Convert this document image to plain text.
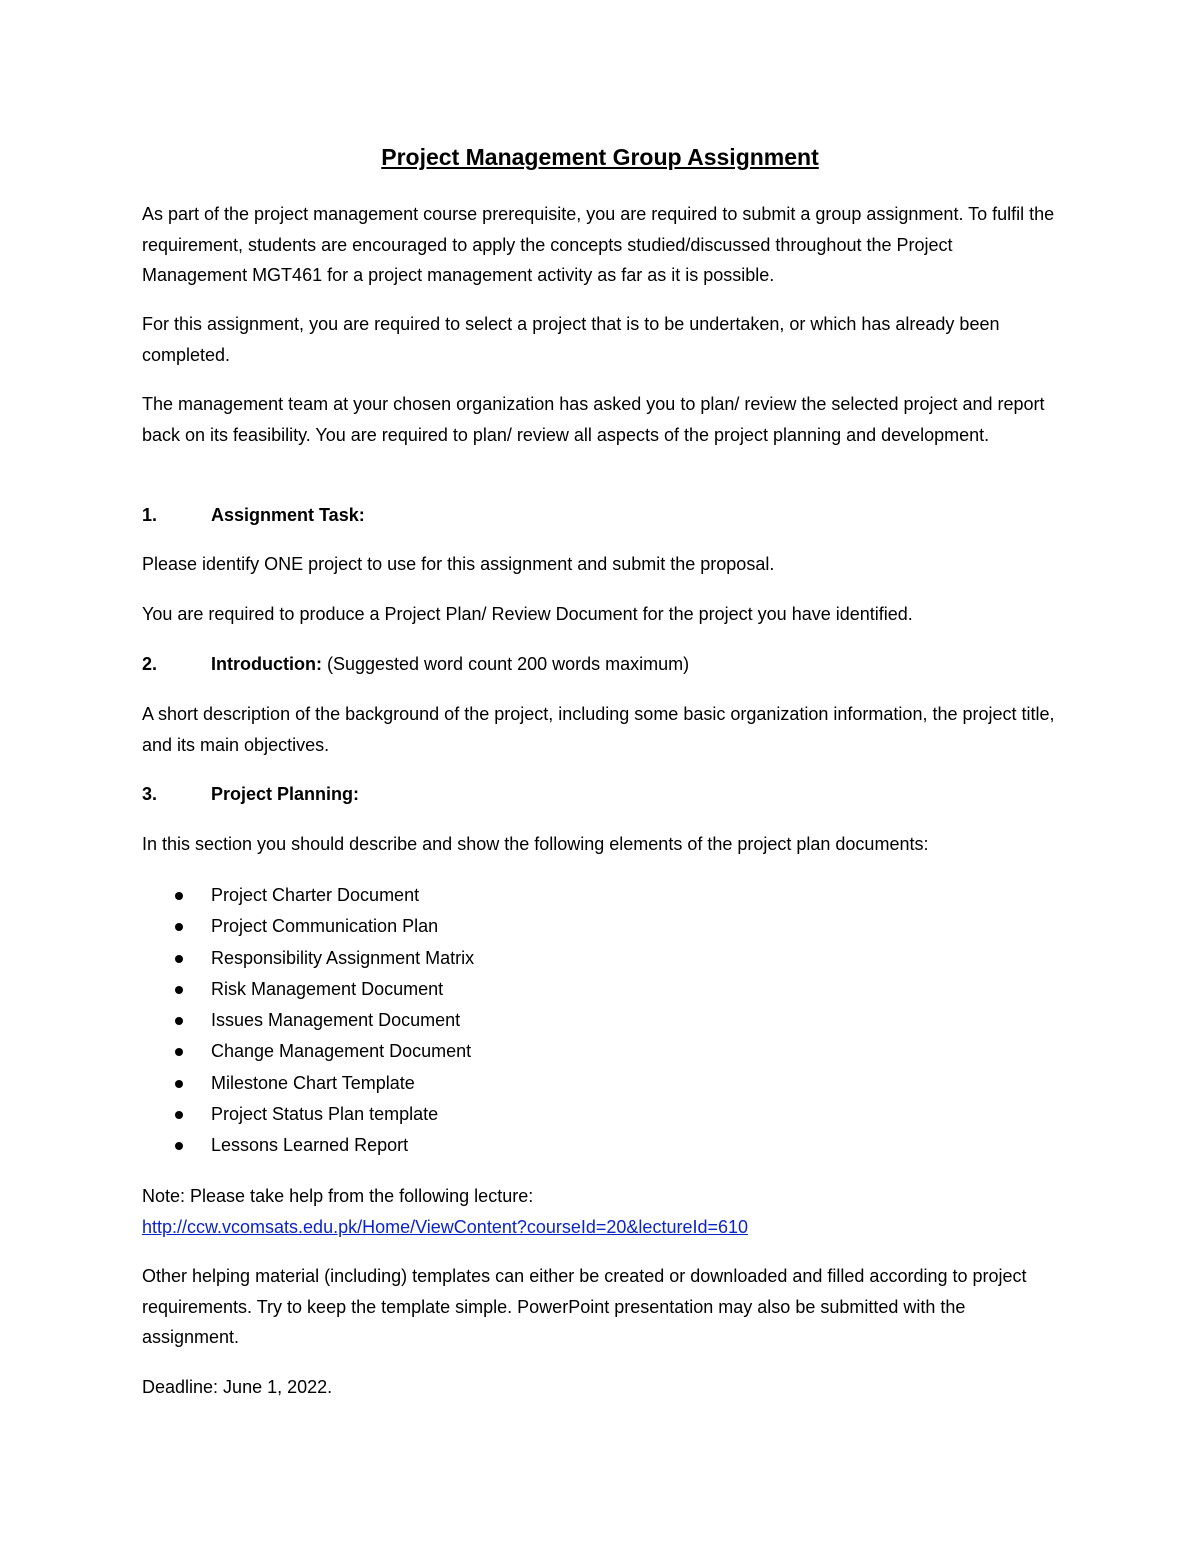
Project Management Group Assignment

As part of the project management course prerequisite, you are required to submit a group assignment. To fulfil the requirement, students are encouraged to apply the concepts studied/discussed throughout the Project Management MGT461 for a project management activity as far as it is possible.

For this assignment, you are required to select a project that is to be undertaken, or which has already been completed.

The management team at your chosen organization has asked you to plan/ review the selected project and report back on its feasibility. You are required to plan/ review all aspects of the project planning and development.

1.	Assignment Task:

Please identify ONE project to use for this assignment and submit the proposal.

You are required to produce a Project Plan/ Review Document for the project you have identified.

2.	Introduction: (Suggested word count 200 words maximum)

A short description of the background of the project, including some basic organization information, the project title, and its main objectives.

3.	Project Planning:

In this section you should describe and show the following elements of the project plan documents:

Project Charter Document
Project Communication Plan
Responsibility Assignment Matrix
Risk Management Document
Issues Management Document
Change Management Document
Milestone Chart Template
Project Status Plan template
Lessons Learned Report

Note: Please take help from the following lecture:

http://ccw.vcomsats.edu.pk/Home/ViewContent?courseId=20&lectureId=610

Other helping material (including) templates can either be created or downloaded and filled according to project requirements. Try to keep the template simple. PowerPoint presentation may also be submitted with the assignment.

Deadline: June 1, 2022.
